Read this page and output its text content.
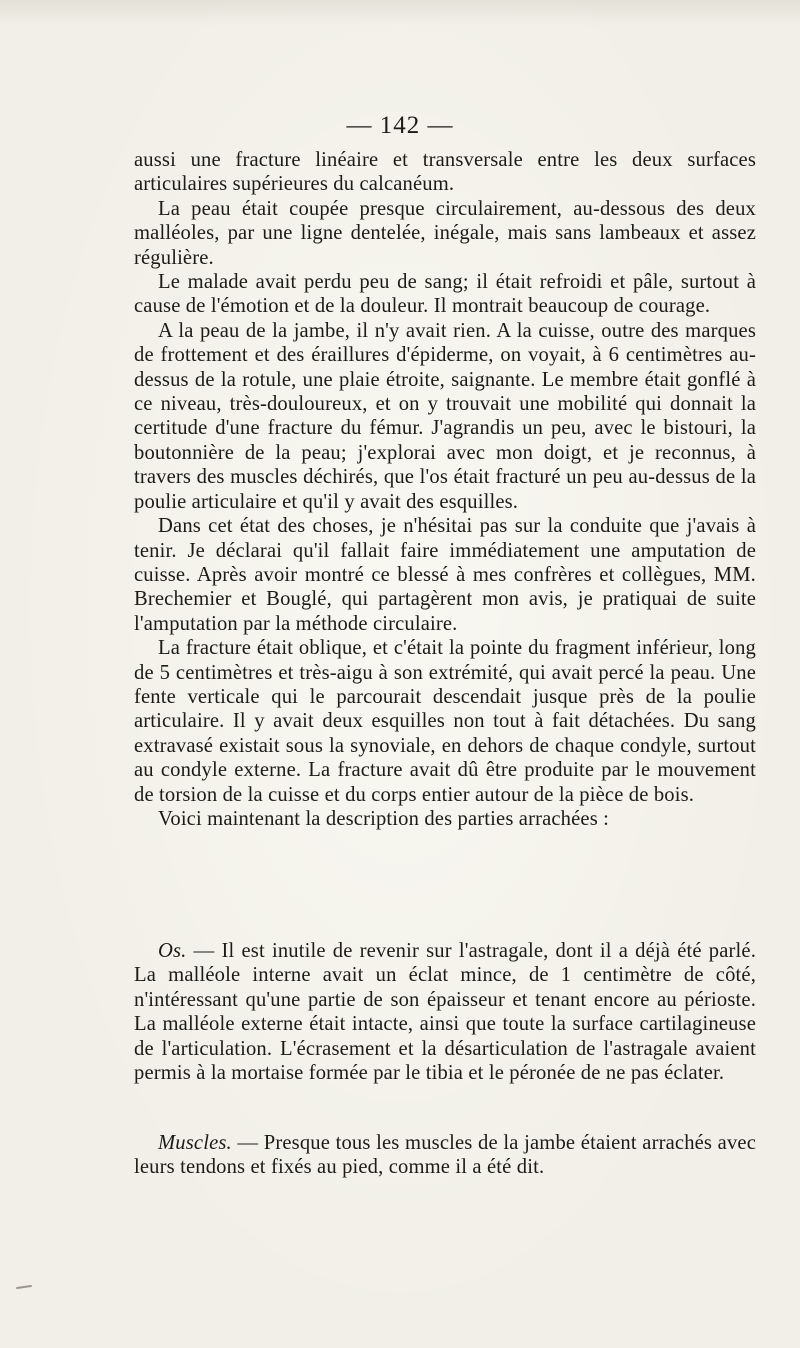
— 142 —

aussi une fracture linéaire et transversale entre les deux surfaces articulaires supérieures du calcanéum.

La peau était coupée presque circulairement, au-dessous des deux malléoles, par une ligne dentelée, inégale, mais sans lambeaux et assez régulière.

Le malade avait perdu peu de sang; il était refroidi et pâle, surtout à cause de l'émotion et de la douleur. Il montrait beaucoup de courage.

A la peau de la jambe, il n'y avait rien. A la cuisse, outre des marques de frottement et des éraillures d'épiderme, on voyait, à 6 centimètres au-dessus de la rotule, une plaie étroite, saignante. Le membre était gonflé à ce niveau, très-douloureux, et on y trouvait une mobilité qui donnait la certitude d'une fracture du fémur. J'agrandis un peu, avec le bistouri, la boutonnière de la peau; j'explorai avec mon doigt, et je reconnus, à travers des muscles déchirés, que l'os était fracturé un peu au-dessus de la poulie articulaire et qu'il y avait des esquilles.

Dans cet état des choses, je n'hésitai pas sur la conduite que j'avais à tenir. Je déclarai qu'il fallait faire immédiatement une amputation de cuisse. Après avoir montré ce blessé à mes confrères et collègues, MM. Brechemier et Bouglé, qui partagèrent mon avis, je pratiquai de suite l'amputation par la méthode circulaire.

La fracture était oblique, et c'était la pointe du fragment inférieur, long de 5 centimètres et très-aigu à son extrémité, qui avait percé la peau. Une fente verticale qui le parcourait descendait jusque près de la poulie articulaire. Il y avait deux esquilles non tout à fait détachées. Du sang extravasé existait sous la synoviale, en dehors de chaque condyle, surtout au condyle externe. La fracture avait dû être produite par le mouvement de torsion de la cuisse et du corps entier autour de la pièce de bois.

Voici maintenant la description des parties arrachées :

Os. — Il est inutile de revenir sur l'astragale, dont il a déjà été parlé. La malléole interne avait un éclat mince, de 1 centimètre de côté, n'intéressant qu'une partie de son épaisseur et tenant encore au périoste. La malléole externe était intacte, ainsi que toute la surface cartilagineuse de l'articulation. L'écrasement et la désarticulation de l'astragale avaient permis à la mortaise formée par le tibia et le péronée de ne pas éclater.

Muscles. — Presque tous les muscles de la jambe étaient arrachés avec leurs tendons et fixés au pied, comme il a été dit.
